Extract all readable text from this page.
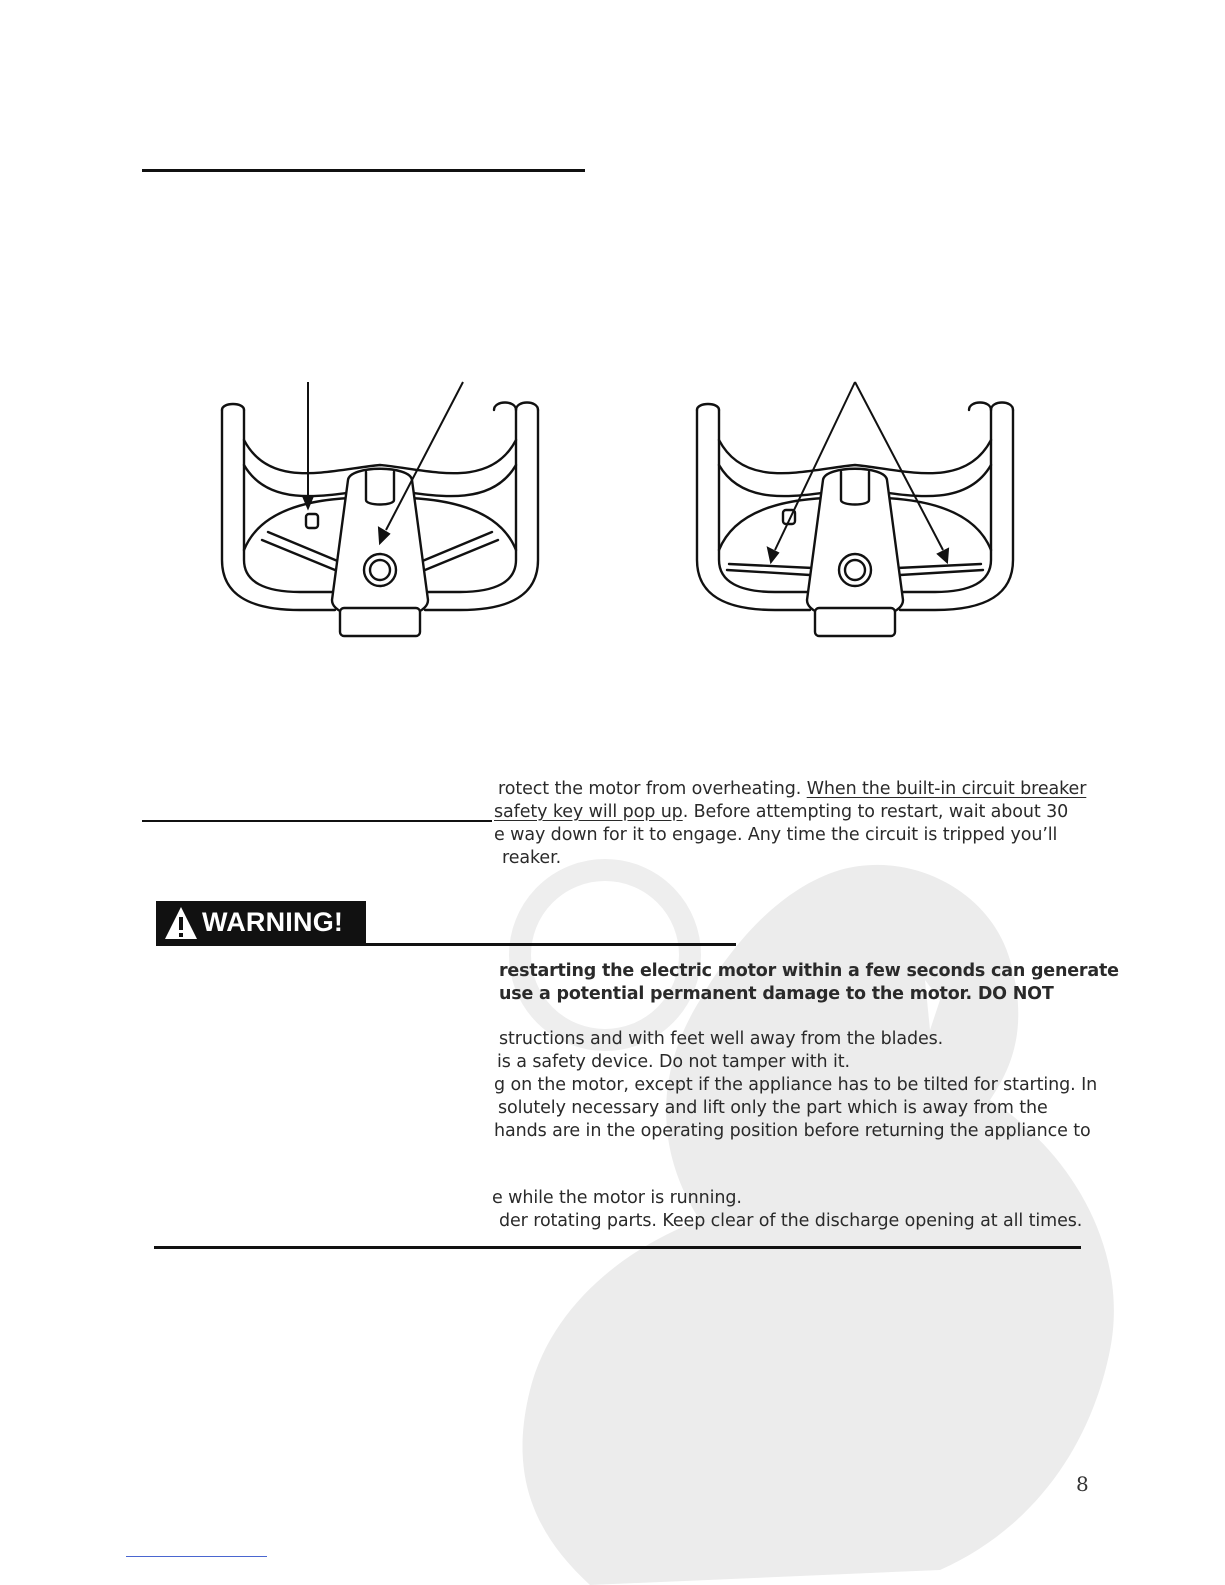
rotect the motor from overheating. When the built-in circuit breaker
safety key will pop up. Before attempting to restart, wait about 30
e way down for it to engage. Any time the circuit is tripped you’ll
reaker.
WARNING!
restarting the electric motor within a few seconds can generate
use a potential permanent damage to the motor. DO NOT
structions and with feet well away from the blades.
is a safety device. Do not tamper with it.
g on the motor, except if the appliance has to be tilted for starting. In
solutely necessary and lift only the part which is away from the
hands are in the operating position before returning the appliance to
e while the motor is running.
der rotating parts. Keep clear of the discharge opening at all times.
8
